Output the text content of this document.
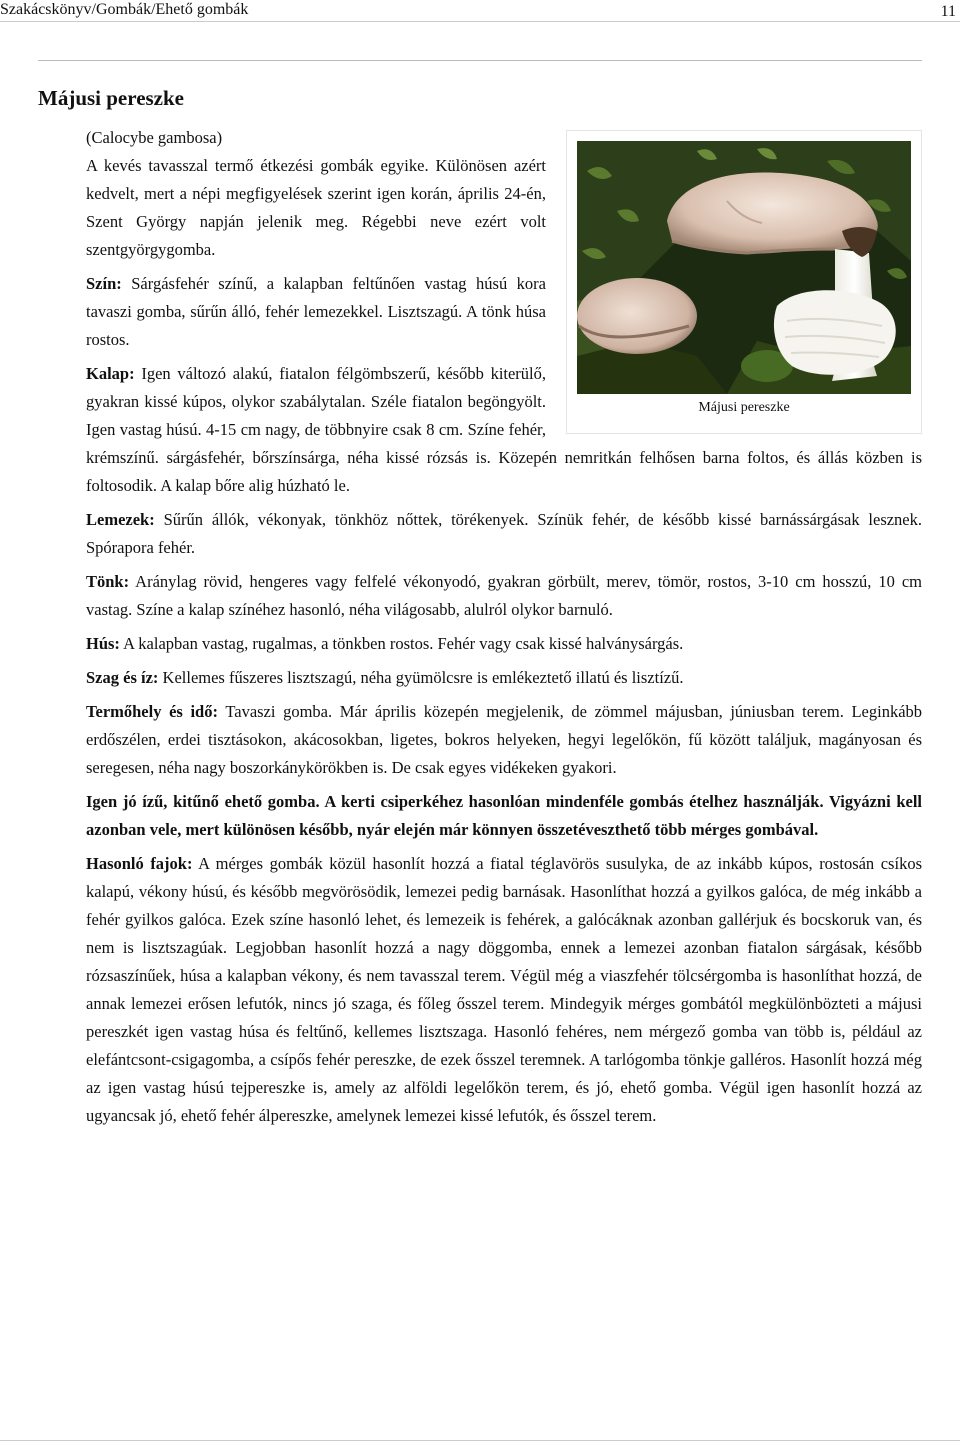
Szakácskönyv/Gombák/Ehető gombák	11
Májusi pereszke
Májusi pereszke

(Calocybe gambosa)

A kevés tavasszal termő étkezési gombák egyike. Különösen azért kedvelt, mert a népi megfigyelések szerint igen korán, április 24-én, Szent György napján jelenik meg. Régebbi neve ezért volt szentgyörgygomba.

Szín: Sárgásfehér színű, a kalapban feltűnően vastag húsú kora tavaszi gomba, sűrűn álló, fehér lemezekkel. Lisztszagú. A tönk húsa rostos.

Kalap: Igen változó alakú, fiatalon félgömbszerű, később kiterülő, gyakran kissé kúpos, olykor szabálytalan. Széle fiatalon begöngyölt. Igen vastag húsú. 4-15 cm nagy, de többnyire csak 8 cm. Színe fehér, krémszínű. sárgásfehér, bőrszínsárga, néha kissé rózsás is. Közepén nemritkán felhősen barna foltos, és állás közben is foltosodik. A kalap bőre alig húzható le.

Lemezek: Sűrűn állók, vékonyak, tönkhöz nőttek, törékenyek. Színük fehér, de később kissé barnássárgásak lesznek. Spórapora fehér.

Tönk: Aránylag rövid, hengeres vagy felfelé vékonyodó, gyakran görbült, merev, tömör, rostos, 3-10 cm hosszú, 10 cm vastag. Színe a kalap színéhez hasonló, néha világosabb, alulról olykor barnuló.

Hús: A kalapban vastag, rugalmas, a tönkben rostos. Fehér vagy csak kissé halványsárgás.

Szag és íz: Kellemes fűszeres lisztszagú, néha gyümölcsre is emlékeztető illatú és lisztízű.

Termőhely és idő: Tavaszi gomba. Már április közepén megjelenik, de zömmel májusban, júniusban terem. Leginkább erdőszélen, erdei tisztásokon, akácosokban, ligetes, bokros helyeken, hegyi legelőkön, fű között találjuk, magányosan és seregesen, néha nagy boszorkánykörökben is. De csak egyes vidékeken gyakori.

Igen jó ízű, kitűnő ehető gomba. A kerti csiperkéhez hasonlóan mindenféle gombás ételhez használják. Vigyázni kell azonban vele, mert különösen később, nyár elején már könnyen összetéveszthető több mérges gombával.

Hasonló fajok: A mérges gombák közül hasonlít hozzá a fiatal téglavörös susulyka, de az inkább kúpos, rostosán csíkos kalapú, vékony húsú, és később megvörösödik, lemezei pedig barnásak. Hasonlíthat hozzá a gyilkos galóca, de még inkább a fehér gyilkos galóca. Ezek színe hasonló lehet, és lemezeik is fehérek, a galócáknak azonban gallérjuk és bocskoruk van, és nem is lisztszagúak. Legjobban hasonlít hozzá a nagy döggomba, ennek a lemezei azonban fiatalon sárgásak, később rózsaszínűek, húsa a kalapban vékony, és nem tavasszal terem. Végül még a viaszfehér tölcsérgomba is hasonlíthat hozzá, de annak lemezei erősen lefutók, nincs jó szaga, és főleg ősszel terem. Mindegyik mérges gombától megkülönbözteti a májusi pereszkét igen vastag húsa és feltűnő, kellemes lisztszaga. Hasonló fehéres, nem mérgező gomba van több is, például az elefántcsont-csigagomba, a csípős fehér pereszke, de ezek ősszel teremnek. A tarlógomba tönkje galléros. Hasonlít hozzá még az igen vastag húsú tejpereszke is, amely az alföldi legelőkön terem, és jó, ehető gomba. Végül igen hasonlít hozzá az ugyancsak jó, ehető fehér álpereszke, amelynek lemezei kissé lefutók, és ősszel terem.
